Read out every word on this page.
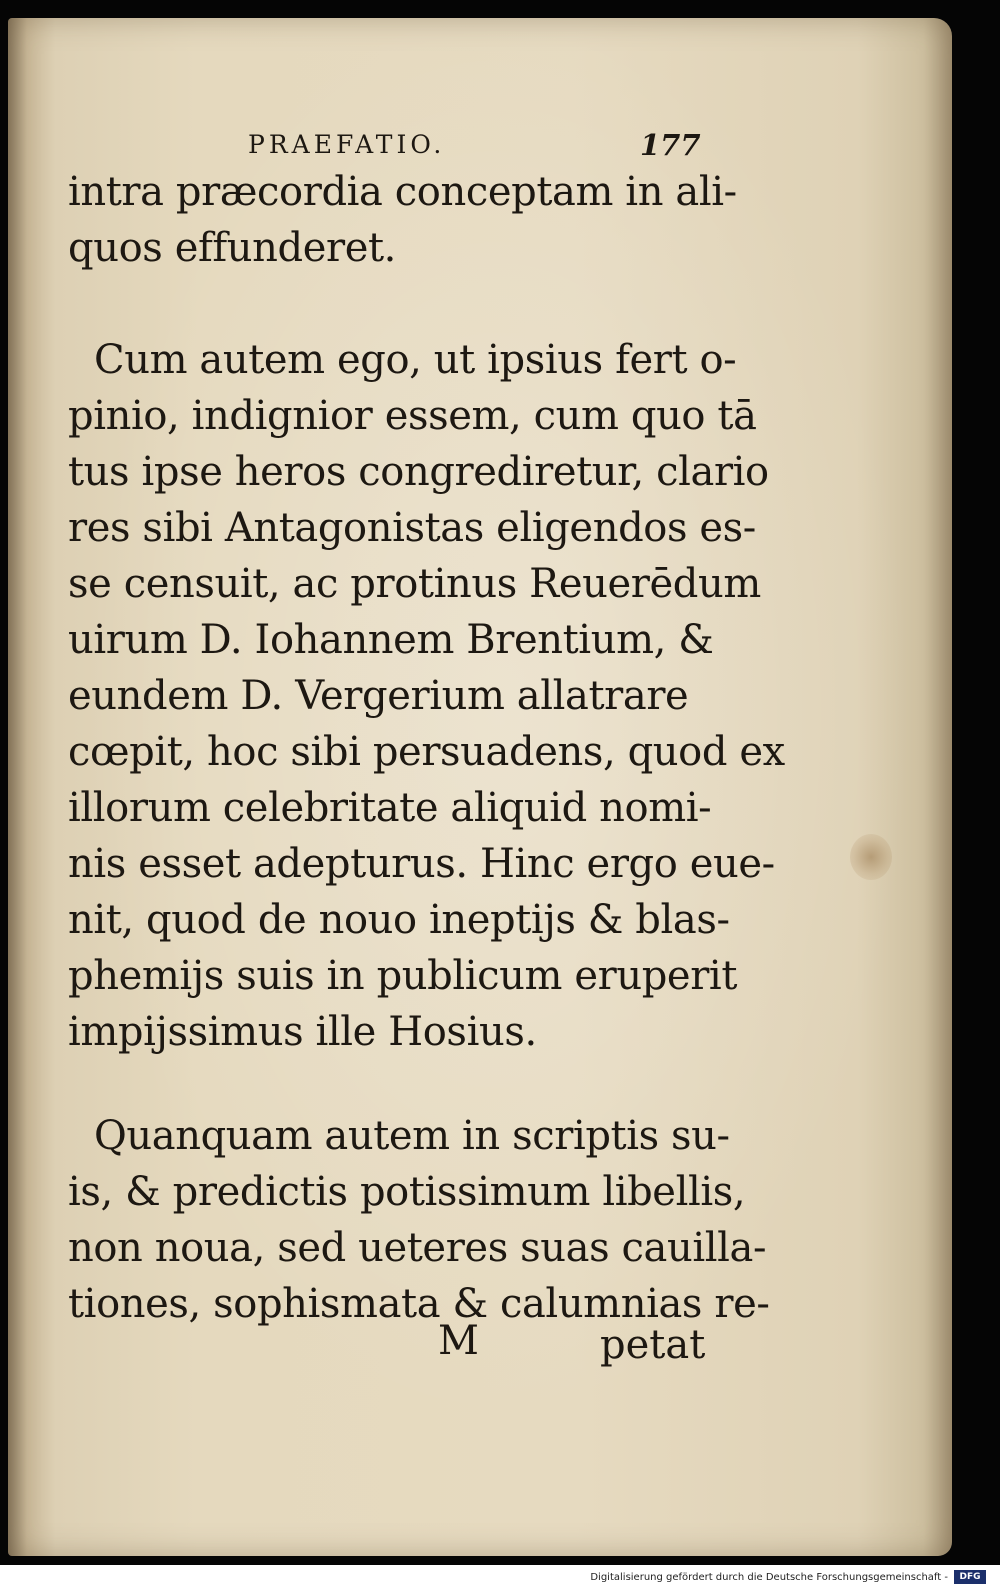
PRAEFATIO.	177
intra præcordia conceptam in ali-
quos effunderet.
Cum autem ego, ut ipsius fert o-
pinio, indignior essem, cum quo tā
tus ipse heros congrediretur, clario
res sibi Antagonistas eligendos es-
se censuit, ac protinus Reuerēdum
uirum D. Iohannem Brentium, &
eundem D. Vergerium allatrare
cœpit, hoc sibi persuadens, quod ex
illorum celebritate aliquid nomi-
nis esset adepturus. Hinc ergo eue-
nit, quod de nouo ineptijs & blas-
phemijs suis in publicum eruperit
impijssimus ille Hosius.
Quanquam autem in scriptis su-
is, & predictis potissimum libellis,
non noua, sed ueteres suas cauilla-
tiones, sophismata & calumnias re-
M	petat
Digitalisierung gefördert durch die Deutsche Forschungsgemeinschaft -	DFG
